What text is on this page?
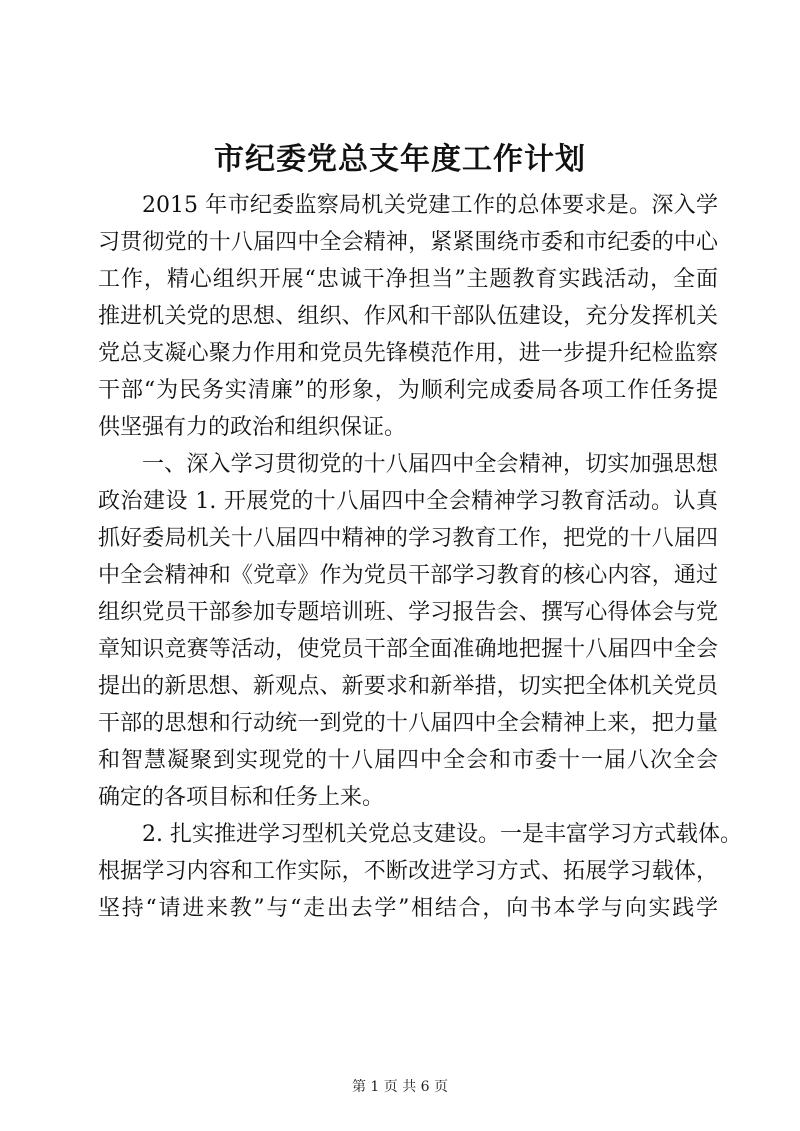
市纪委党总支年度工作计划
2015 年市纪委监察局机关党建工作的总体要求是。深入学
习贯彻党的十八届四中全会精神，紧紧围绕市委和市纪委的中心
工作，精心组织开展“忠诚干净担当”主题教育实践活动，全面
推进机关党的思想、组织、作风和干部队伍建设，充分发挥机关
党总支凝心聚力作用和党员先锋模范作用，进一步提升纪检监察
干部“为民务实清廉”的形象，为顺利完成委局各项工作任务提
供坚强有力的政治和组织保证。
一、深入学习贯彻党的十八届四中全会精神，切实加强思想
政治建设 1. 开展党的十八届四中全会精神学习教育活动。认真
抓好委局机关十八届四中精神的学习教育工作，把党的十八届四
中全会精神和《党章》作为党员干部学习教育的核心内容，通过
组织党员干部参加专题培训班、学习报告会、撰写心得体会与党
章知识竞赛等活动，使党员干部全面准确地把握十八届四中全会
提出的新思想、新观点、新要求和新举措，切实把全体机关党员
干部的思想和行动统一到党的十八届四中全会精神上来，把力量
和智慧凝聚到实现党的十八届四中全会和市委十一届八次全会
确定的各项目标和任务上来。
2. 扎实推进学习型机关党总支建设。一是丰富学习方式载体。
根据学习内容和工作实际，不断改进学习方式、拓展学习载体，
坚持“请进来教”与“走出去学”相结合，向书本学与向实践学
第 1 页 共 6 页
